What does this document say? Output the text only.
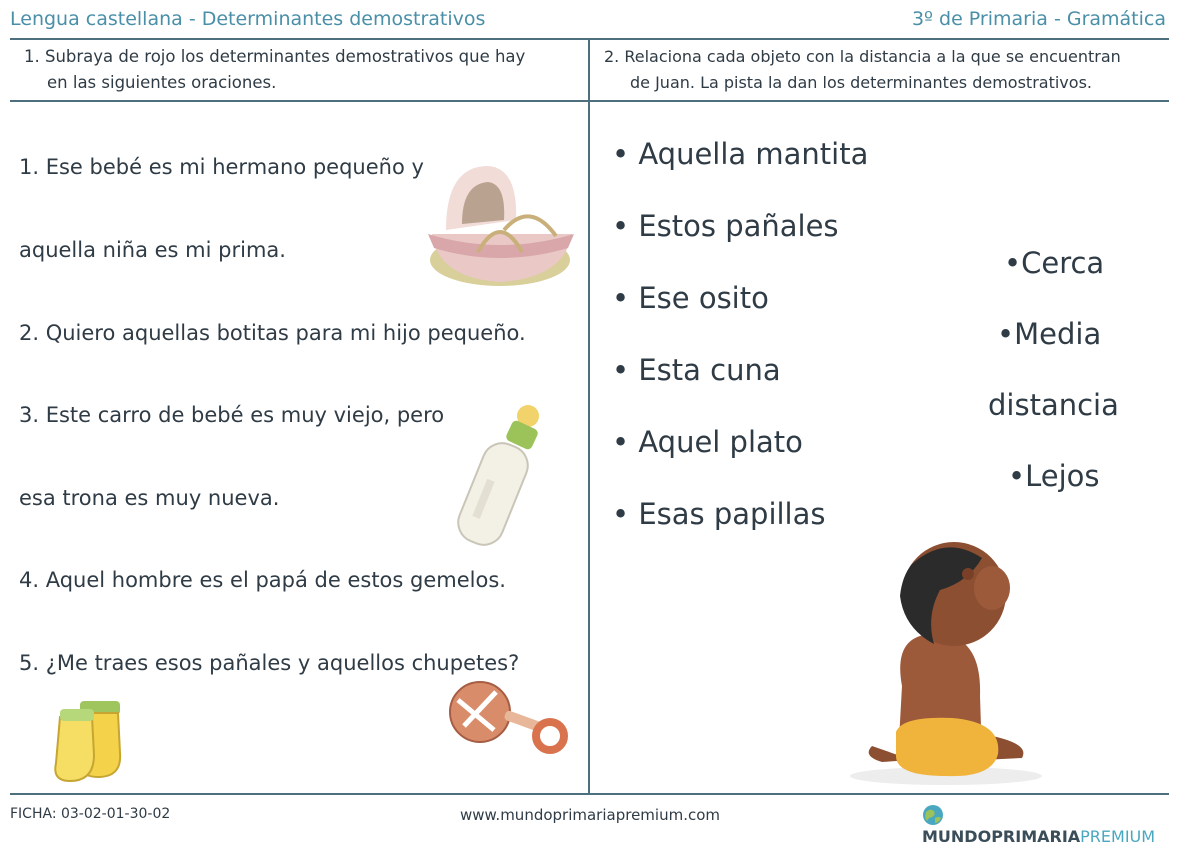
Lengua castellana - Determinantes demostrativos	3º de Primaria - Gramática
1. Subraya de rojo los determinantes demostrativos que hay
en las siguientes oraciones.
2. Relaciona cada objeto con la distancia a la que se encuentran
de Juan. La pista la dan los determinantes demostrativos.
1. Ese bebé es mi hermano pequeño y
aquella niña es mi prima.
2. Quiero aquellas botitas para mi hijo pequeño.
3. Este carro de bebé es muy viejo, pero
esa trona es muy nueva.
4. Aquel hombre es el papá de estos gemelos.
5. ¿Me traes esos pañales y aquellos chupetes?
• Aquella mantita
• Estos pañales
• Ese osito
• Esta cuna
• Aquel plato
• Esas papillas
•Cerca
•Media
distancia
•Lejos
FICHA: 03-02-01-30-02	www.mundoprimariapremium.com
MUNDOPRIMARIAPREMIUM
